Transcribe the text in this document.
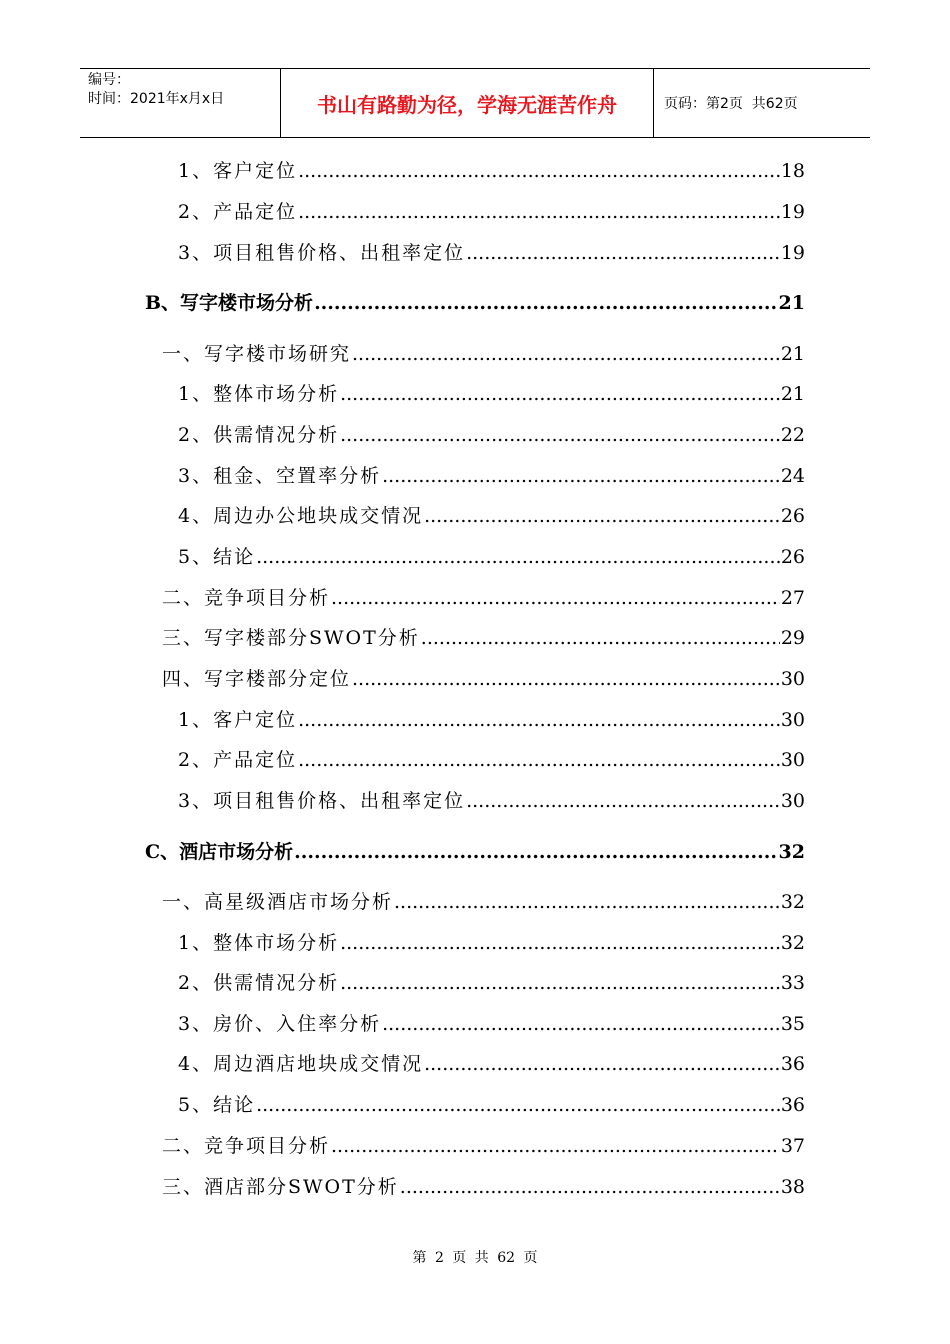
编号：
时间：2021年x月x日	书山有路勤为径，学海无涯苦作舟	页码：第2页  共62页
1、客户定位 .....	18
2、产品定位 .....	19
3、项目租售价格、出租率定位 .....	19
B、写字楼市场分析 .....	21
一、写字楼市场研究 .....	21
1、整体市场分析 .....	21
2、供需情况分析 .....	22
3、租金、空置率分析 .....	24
4、周边办公地块成交情况 .....	26
5、结论 .....	26
二、竞争项目分析 .....	27
三、写字楼部分SWOT分析 .....	29
四、写字楼部分定位 .....	30
1、客户定位 .....	30
2、产品定位 .....	30
3、项目租售价格、出租率定位 .....	30
C、酒店市场分析 .....	32
一、高星级酒店市场分析 .....	32
1、整体市场分析 .....	32
2、供需情况分析 .....	33
3、房价、入住率分析 .....	35
4、周边酒店地块成交情况 .....	36
5、结论 .....	36
二、竞争项目分析 .....	37
三、酒店部分SWOT分析 .....	38
第 2 页 共 62 页
